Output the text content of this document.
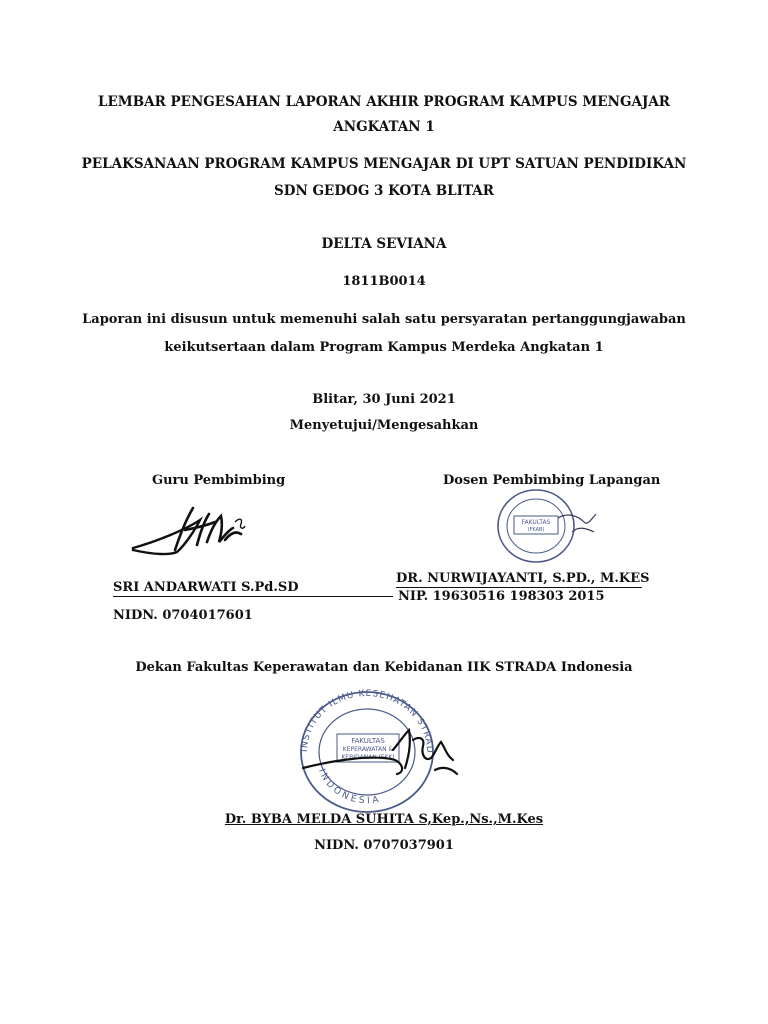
LEMBAR PENGESAHAN LAPORAN AKHIR PROGRAM KAMPUS MENGAJAR
ANGKATAN 1
PELAKSANAAN PROGRAM KAMPUS MENGAJAR DI UPT SATUAN PENDIDIKAN
SDN GEDOG 3 KOTA BLITAR
DELTA SEVIANA
1811B0014
Laporan ini disusun untuk memenuhi salah satu persyaratan pertanggungjawaban
keikutsertaan dalam Program Kampus Merdeka Angkatan 1
Blitar, 30 Juni 2021
Menyetujui/Mengesahkan
Guru Pembimbing	Dosen Pembimbing Lapangan
FAKULTAS
(FKAB)
SRI ANDARWATI S.Pd.SD
NIDN. 0704017601
DR. NURWIJAYANTI, S.PD., M.KES
NIP. 19630516 198303 2015
Dekan Fakultas Keperawatan dan Kebidanan IIK STRADA Indonesia
INSTITUT ILMU KESEHATAN STRADA
INDONESIA
FAKULTAS
KEPERAWATAN &
KEBIDANAN (FKK)
Dr. BYBA MELDA SUHITA S,Kep.,Ns.,M.Kes
NIDN. 0707037901
